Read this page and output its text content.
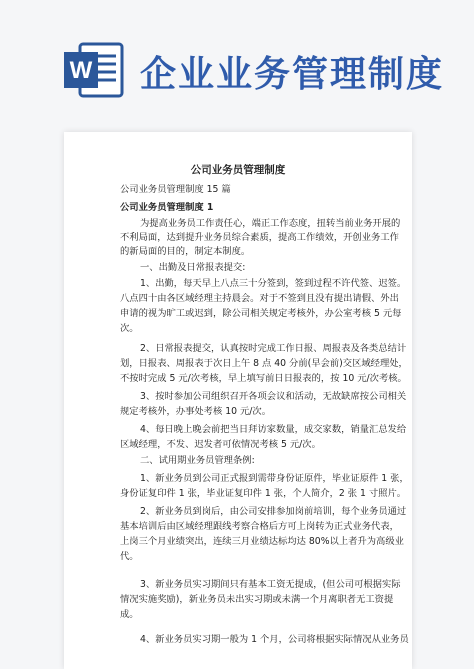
W 企业业务管理制度
公司业务员管理制度
公司业务员管理制度 15 篇
公司业务员管理制度 1
为提高业务员工作责任心，端正工作态度，扭转当前业务开展的
不利局面，达到提升业务员综合素质，提高工作绩效，开创业务工作
的新局面的目的，制定本制度。
一、出勤及日常报表提交:
1、出勤，每天早上八点三十分签到，签到过程不许代签、迟签。
八点四十由各区域经理主持晨会。对于不签到且没有提出请假、外出
申请的视为旷工或迟到，除公司相关规定考核外，办公室考核 5 元每
次。
2、日常报表提交，认真按时完成工作日报、周报表及各类总结计
划，日报表、周报表于次日上午 8 点 40 分前(早会前)交区域经理处，
不按时完成 5 元/次考核，早上填写前日日报表的，按 10 元/次考核。
3、按时参加公司组织召开各项会议和活动，无故缺席按公司相关
规定考核外，办事处考核 10 元/次。
4、每日晚上晚会前把当日拜访家数量，成交家数，销量汇总发给
区域经理，不发、迟发者可依情况考核 5 元/次。
二、试用期业务员管理条例:
1、新业务员到公司正式报到需带身份证原件，毕业证原件 1 张，
身份证复印件 1 张，毕业证复印件 1 张，个人简介，2 张 1 寸照片。
2、新业务员到岗后，由公司安排参加岗前培训，每个业务员通过
基本培训后由区域经理跟线考察合格后方可上岗转为正式业务代表，
上岗三个月业绩突出，连续三月业绩达标均达 80%以上者升为高级业
代。
3、新业务员实习期间只有基本工资无提成，(但公司可根据实际
情况实施奖励)，新业务员未出实习期或未满一个月离职者无工资提
成。
4、新业务员实习期一般为 1 个月，公司将根据实际情况从业务员
